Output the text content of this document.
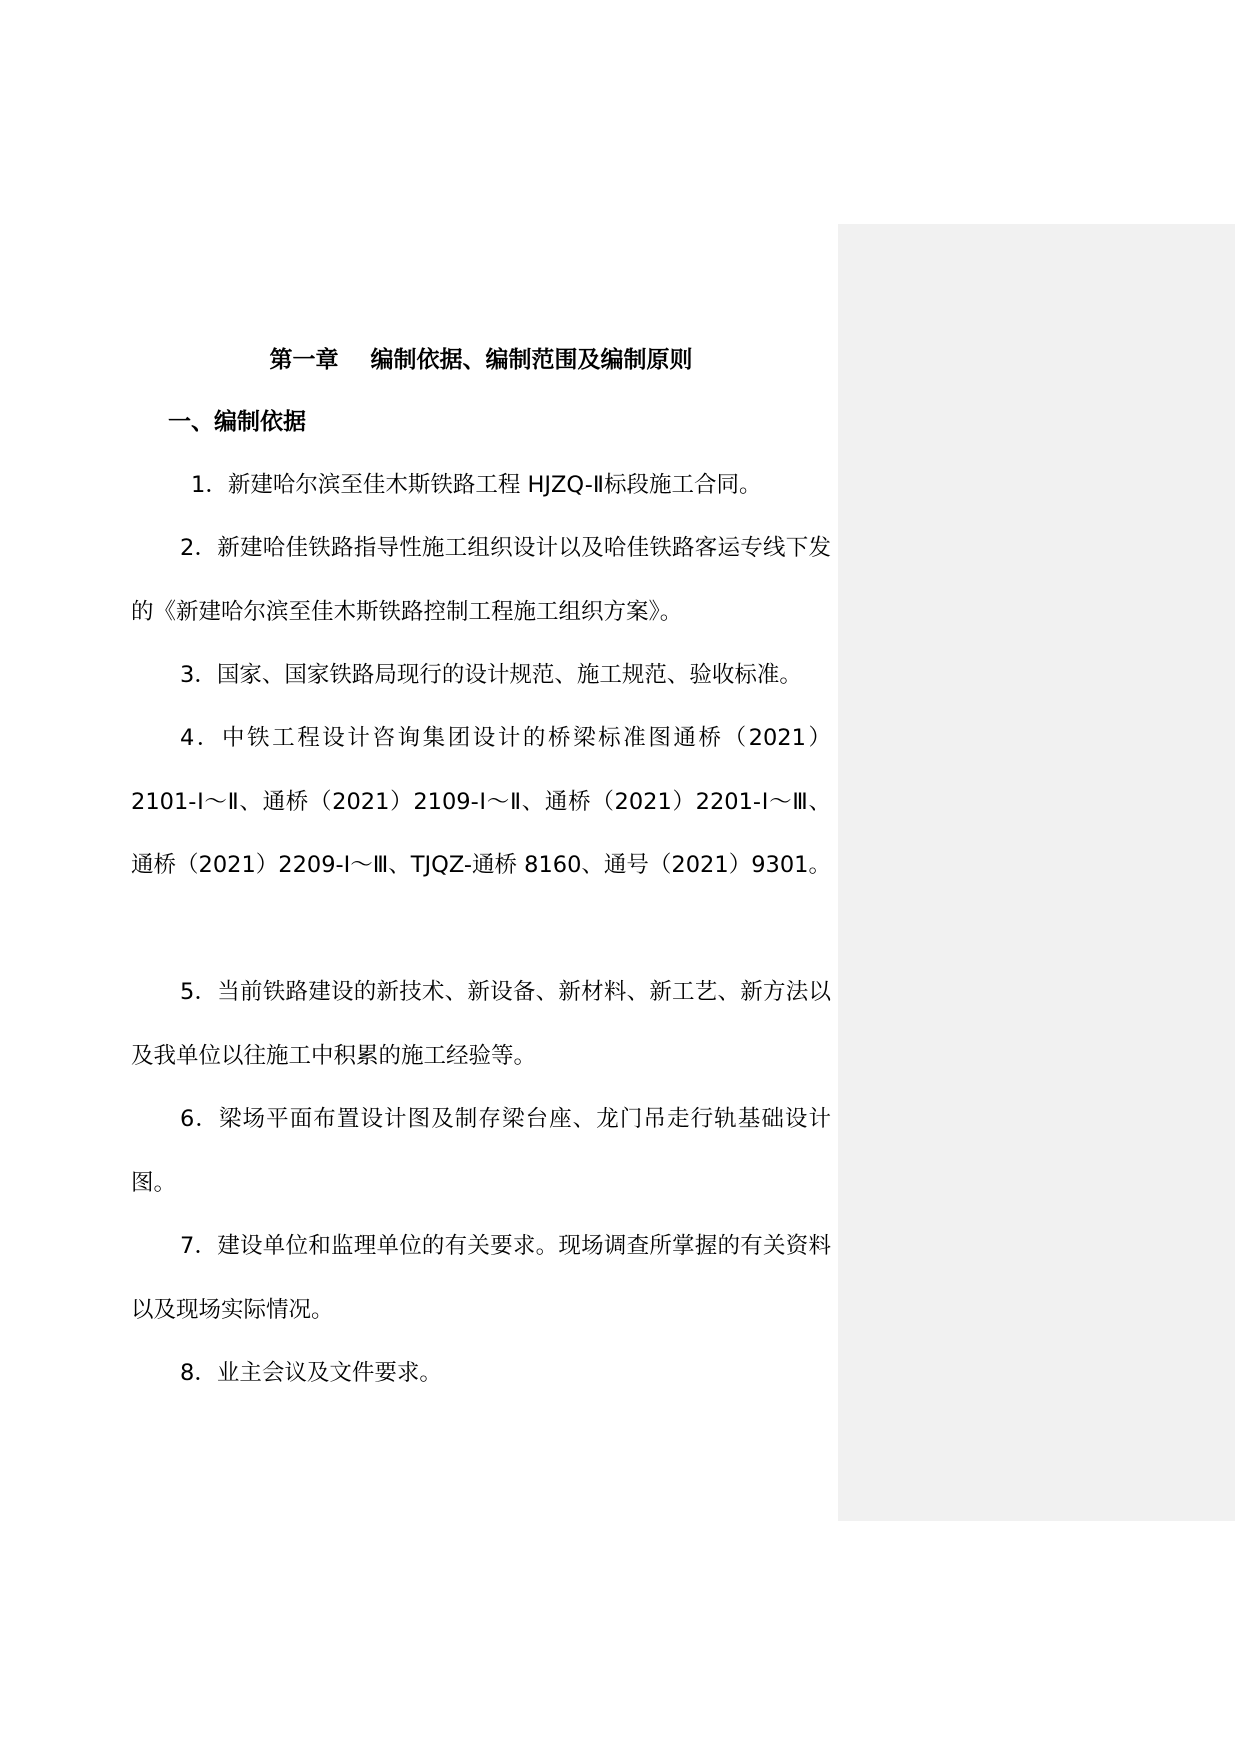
第一章    编制依据、编制范围及编制原则
一、编制依据

1．新建哈尔滨至佳木斯铁路工程 HJZQ-Ⅱ标段施工合同。

2．新建哈佳铁路指导性施工组织设计以及哈佳铁路客运专线下发的《新建哈尔滨至佳木斯铁路控制工程施工组织方案》。

3．国家、国家铁路局现行的设计规范、施工规范、验收标准。

4．中铁工程设计咨询集团设计的桥梁标准图通桥（2021）2101-Ⅰ～Ⅱ、通桥（2021）2109-Ⅰ～Ⅱ、通桥（2021）2201-Ⅰ～Ⅲ、通桥（2021）2209-Ⅰ～Ⅲ、TJQZ-通桥 8160、通号（2021）9301。

5．当前铁路建设的新技术、新设备、新材料、新工艺、新方法以及我单位以往施工中积累的施工经验等。

6．梁场平面布置设计图及制存梁台座、龙门吊走行轨基础设计图。

7．建设单位和监理单位的有关要求。现场调查所掌握的有关资料以及现场实际情况。

8．业主会议及文件要求。
